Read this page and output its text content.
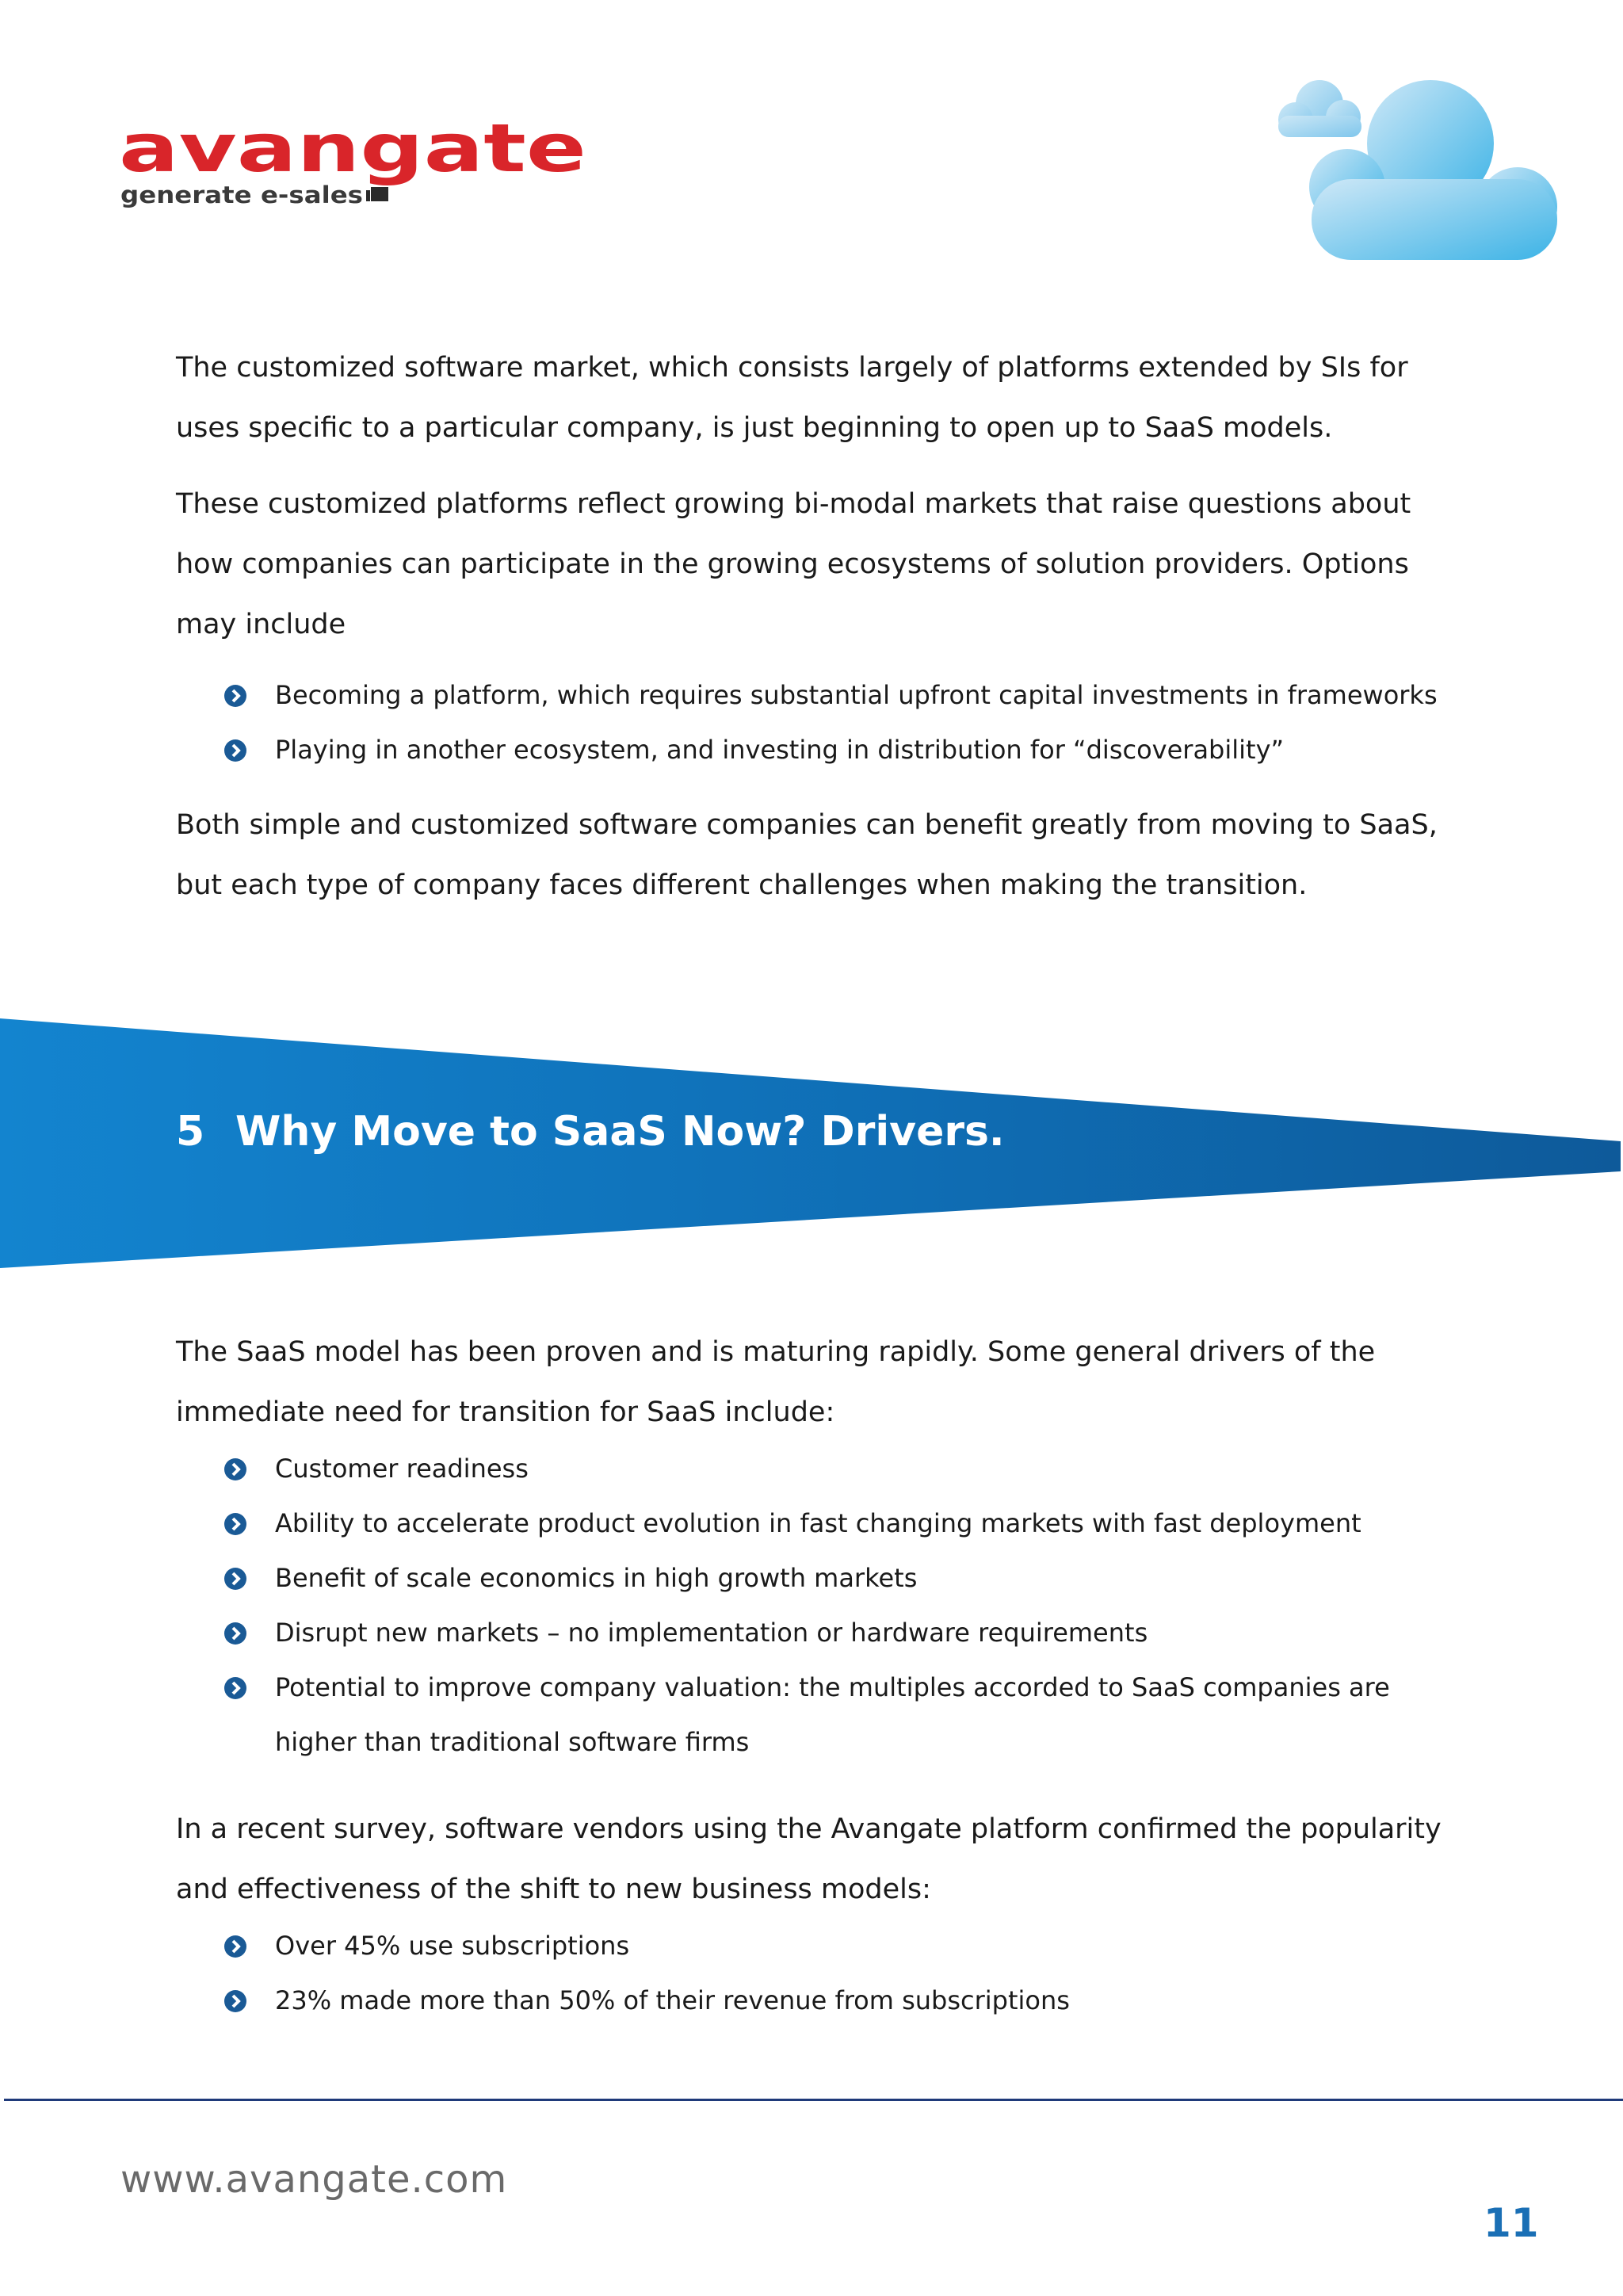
avangate
generate e-sales

The customized software market, which consists largely of platforms extended by SIs for uses specific to a particular company, is just beginning to open up to SaaS models.

These customized platforms reflect growing bi-modal markets that raise questions about how companies can participate in the growing ecosystems of solution providers. Options may include

Becoming a platform, which requires substantial upfront capital investments in frameworks
Playing in another ecosystem, and investing in distribution for “discoverability”

Both simple and customized software companies can benefit greatly from moving to SaaS, but each type of company faces different challenges when making the transition.

5 Why Move to SaaS Now? Drivers.

The SaaS model has been proven and is maturing rapidly. Some general drivers of the immediate need for transition for SaaS include:

Customer readiness
Ability to accelerate product evolution in fast changing markets with fast deployment
Benefit of scale economics in high growth markets
Disrupt new markets – no implementation or hardware requirements
Potential to improve company valuation: the multiples accorded to SaaS companies are higher than traditional software firms

In a recent survey, software vendors using the Avangate platform confirmed the popularity and effectiveness of the shift to new business models:

Over 45% use subscriptions
23% made more than 50% of their revenue from subscriptions
www.avangate.com
11
